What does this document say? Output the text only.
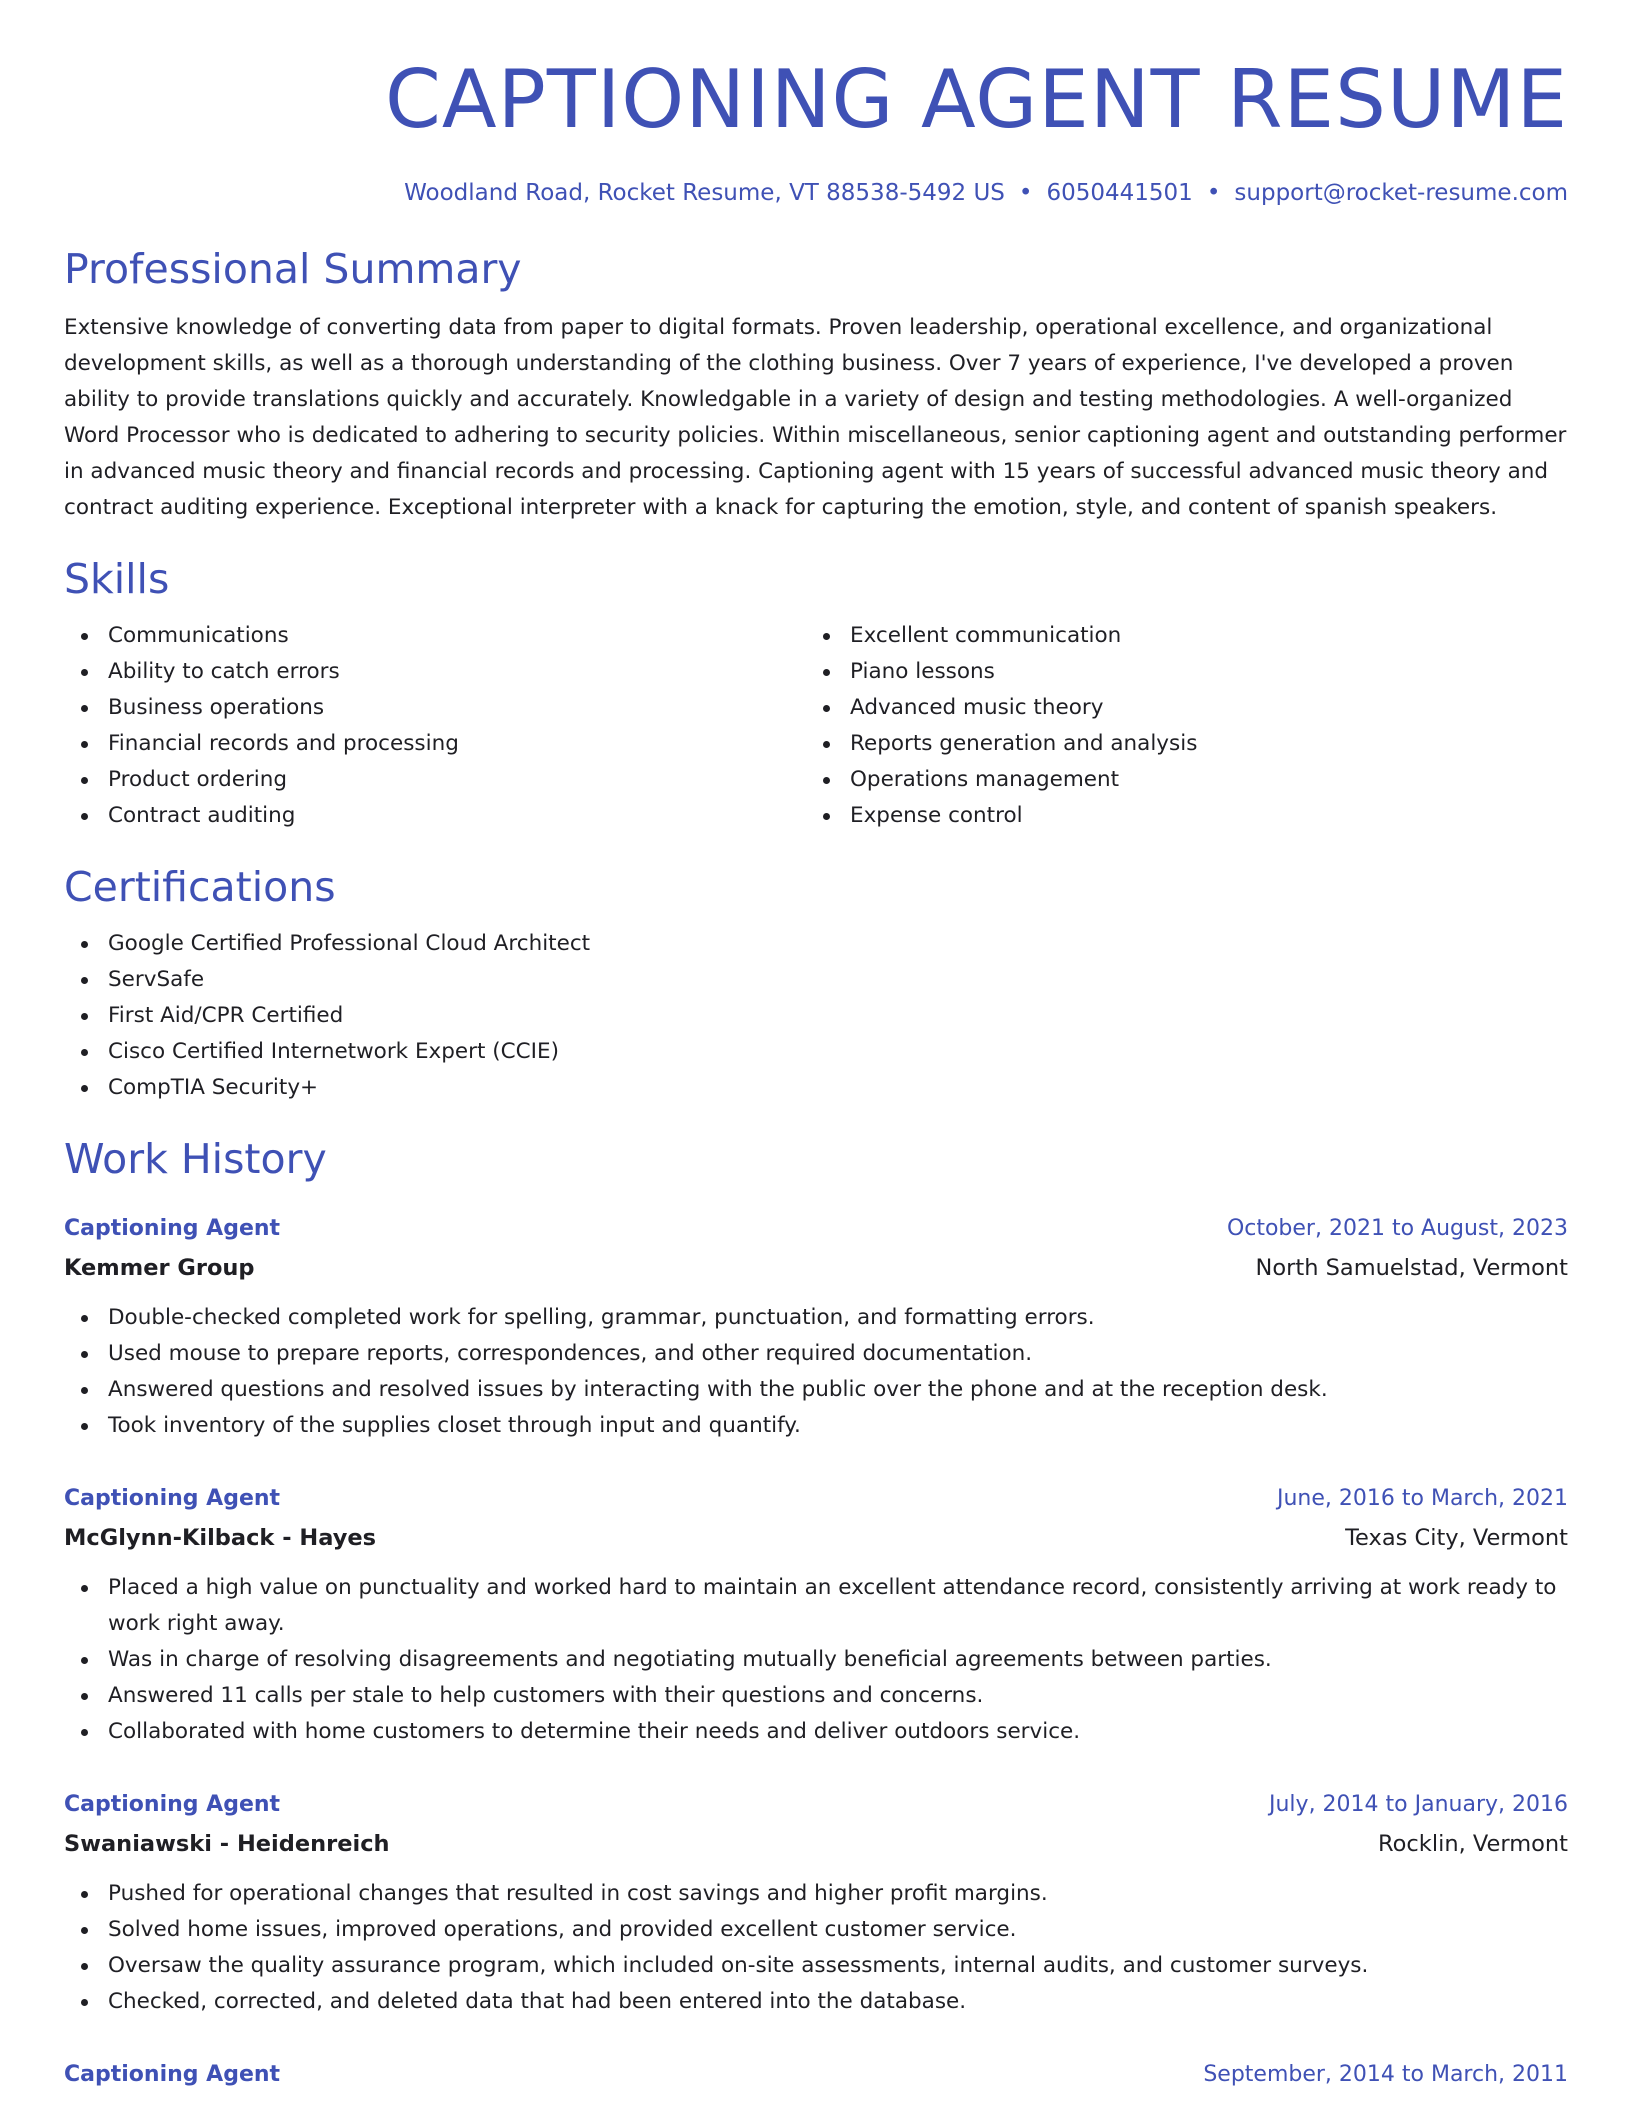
CAPTIONING AGENT RESUME
Woodland Road, Rocket Resume, VT 88538-5492 US • 6050441501 • support@rocket-resume.com
Professional Summary

Extensive knowledge of converting data from paper to digital formats. Proven leadership, operational excellence, and organizational development skills, as well as a thorough understanding of the clothing business. Over 7 years of experience, I've developed a proven ability to provide translations quickly and accurately. Knowledgable in a variety of design and testing methodologies. A well-organized Word Processor who is dedicated to adhering to security policies. Within miscellaneous, senior captioning agent and outstanding performer in advanced music theory and financial records and processing. Captioning agent with 15 years of successful advanced music theory and contract auditing experience. Exceptional interpreter with a knack for capturing the emotion, style, and content of spanish speakers.

Skills
Communications
Ability to catch errors
Business operations
Financial records and processing
Product ordering
Contract auditing
Excellent communication
Piano lessons
Advanced music theory
Reports generation and analysis
Operations management
Expense control
Certifications
Google Certified Professional Cloud Architect
ServSafe
First Aid/CPR Certified
Cisco Certified Internetwork Expert (CCIE)
CompTIA Security+
Work History
Captioning Agent	October, 2021 to August, 2023
Kemmer Group	North Samuelstad, Vermont
Double-checked completed work for spelling, grammar, punctuation, and formatting errors.
Used mouse to prepare reports, correspondences, and other required documentation.
Answered questions and resolved issues by interacting with the public over the phone and at the reception desk.
Took inventory of the supplies closet through input and quantify.
Captioning Agent	June, 2016 to March, 2021
McGlynn-Kilback - Hayes	Texas City, Vermont
Placed a high value on punctuality and worked hard to maintain an excellent attendance record, consistently arriving at work ready to work right away.
Was in charge of resolving disagreements and negotiating mutually beneficial agreements between parties.
Answered 11 calls per stale to help customers with their questions and concerns.
Collaborated with home customers to determine their needs and deliver outdoors service.
Captioning Agent	July, 2014 to January, 2016
Swaniawski - Heidenreich	Rocklin, Vermont
Pushed for operational changes that resulted in cost savings and higher profit margins.
Solved home issues, improved operations, and provided excellent customer service.
Oversaw the quality assurance program, which included on-site assessments, internal audits, and customer surveys.
Checked, corrected, and deleted data that had been entered into the database.
Captioning Agent	September, 2014 to March, 2011
